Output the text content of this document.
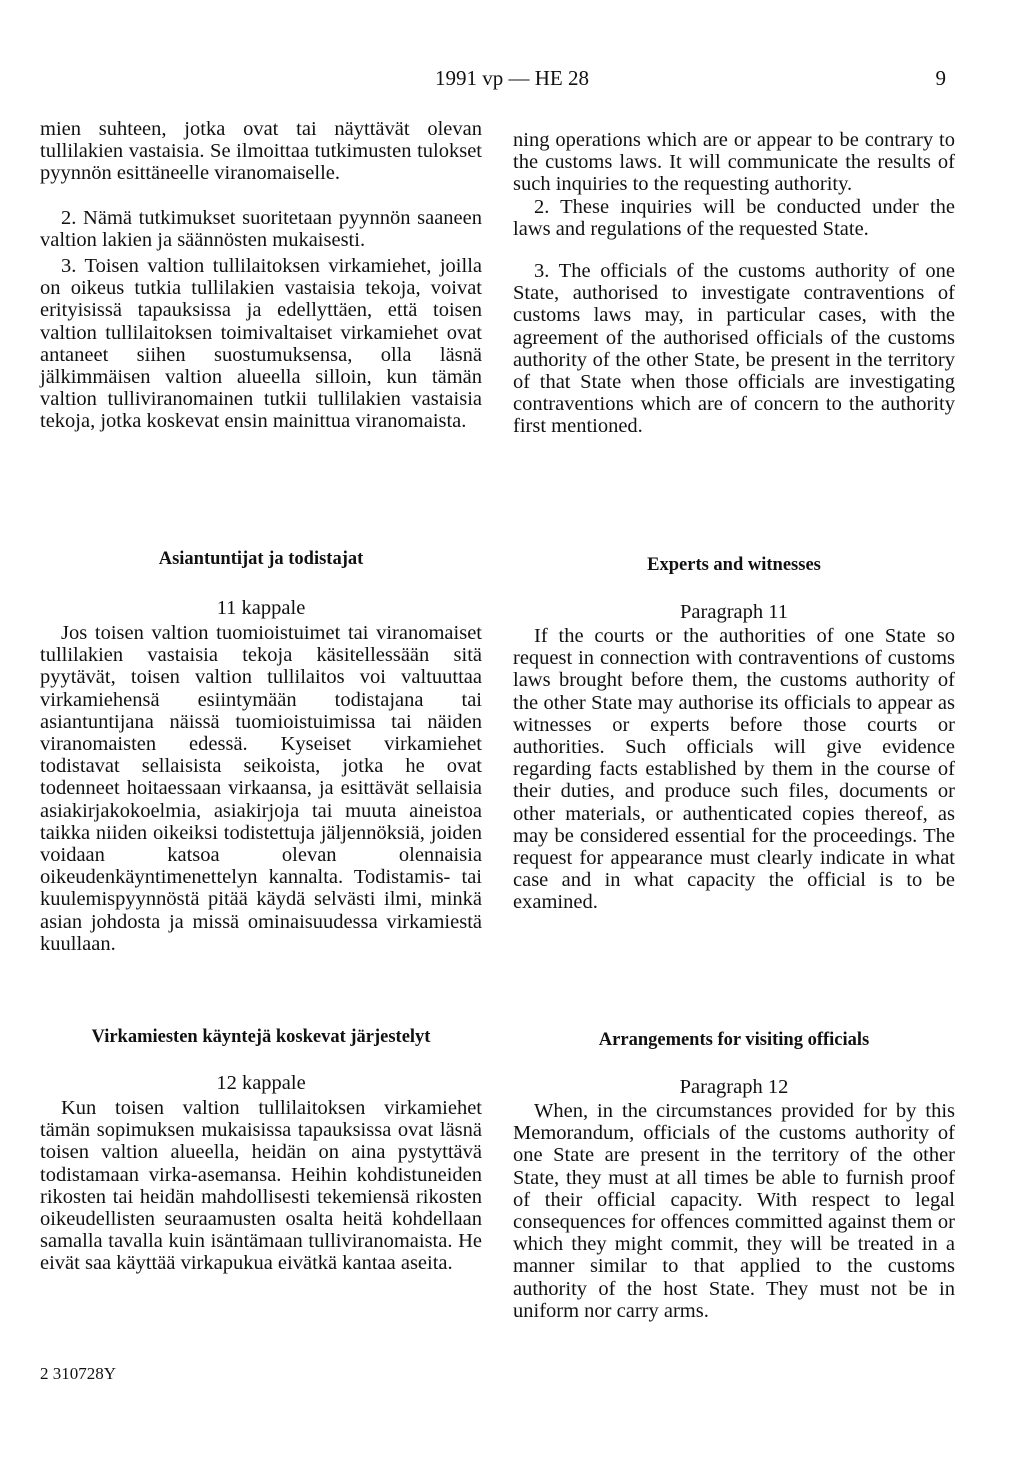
1991 vp — HE 28	9

mien suhteen, jotka ovat tai näyttävät olevan tullilakien vastaisia. Se ilmoittaa tutkimusten tulokset pyynnön esittäneelle viranomaiselle.

2. Nämä tutkimukset suoritetaan pyynnön saaneen valtion lakien ja säännösten mukaisesti.

3. Toisen valtion tullilaitoksen virkamiehet, joilla on oikeus tutkia tullilakien vastaisia tekoja, voivat erityisissä tapauksissa ja edellyttäen, että toisen valtion tullilaitoksen toimivaltaiset virkamiehet ovat antaneet siihen suostumuksensa, olla läsnä jälkimmäisen valtion alueella silloin, kun tämän valtion tulliviranomainen tutkii tullilakien vastaisia tekoja, jotka koskevat ensin mainittua viranomaista.

ning operations which are or appear to be contrary to the customs laws. It will communicate the results of such inquiries to the requesting authority.

2. These inquiries will be conducted under the laws and regulations of the requested State.

3. The officials of the customs authority of one State, authorised to investigate contraventions of customs laws may, in particular cases, with the agreement of the authorised officials of the customs authority of the other State, be present in the territory of that State when those officials are investigating contraventions which are of concern to the authority first mentioned.

Asiantuntijat ja todistajat	Experts and witnesses
11 kappale	Paragraph 11

Jos toisen valtion tuomioistuimet tai viranomaiset tullilakien vastaisia tekoja käsitellessään sitä pyytävät, toisen valtion tullilaitos voi valtuuttaa virkamiehensä esiintymään todistajana tai asiantuntijana näissä tuomioistuimissa tai näiden viranomaisten edessä. Kyseiset virkamiehet todistavat sellaisista seikoista, jotka he ovat todenneet hoitaessaan virkaansa, ja esittävät sellaisia asiakirjakokoelmia, asiakirjoja tai muuta aineistoa taikka niiden oikeiksi todistettuja jäljennöksiä, joiden voidaan katsoa olevan olennaisia oikeudenkäyntimenettelyn kannalta. Todistamis- tai kuulemispyynnöstä pitää käydä selvästi ilmi, minkä asian johdosta ja missä ominaisuudessa virkamiestä kuullaan.

If the courts or the authorities of one State so request in connection with contraventions of customs laws brought before them, the customs authority of the other State may authorise its officials to appear as witnesses or experts before those courts or authorities. Such officials will give evidence regarding facts established by them in the course of their duties, and produce such files, documents or other materials, or authenticated copies thereof, as may be considered essential for the proceedings. The request for appearance must clearly indicate in what case and in what capacity the official is to be examined.

Virkamiesten käyntejä koskevat järjestelyt	Arrangements for visiting officials
12 kappale	Paragraph 12

Kun toisen valtion tullilaitoksen virkamiehet tämän sopimuksen mukaisissa tapauksissa ovat läsnä toisen valtion alueella, heidän on aina pystyttävä todistamaan virka-asemansa. Heihin kohdistuneiden rikosten tai heidän mahdollisesti tekemiensä rikosten oikeudellisten seuraamusten osalta heitä kohdellaan samalla tavalla kuin isäntämaan tulliviranomaista. He eivät saa käyttää virkapukua eivätkä kantaa aseita.

When, in the circumstances provided for by this Memorandum, officials of the customs authority of one State are present in the territory of the other State, they must at all times be able to furnish proof of their official capacity. With respect to legal consequences for offences committed against them or which they might commit, they will be treated in a manner similar to that applied to the customs authority of the host State. They must not be in uniform nor carry arms.

2 310728Y
